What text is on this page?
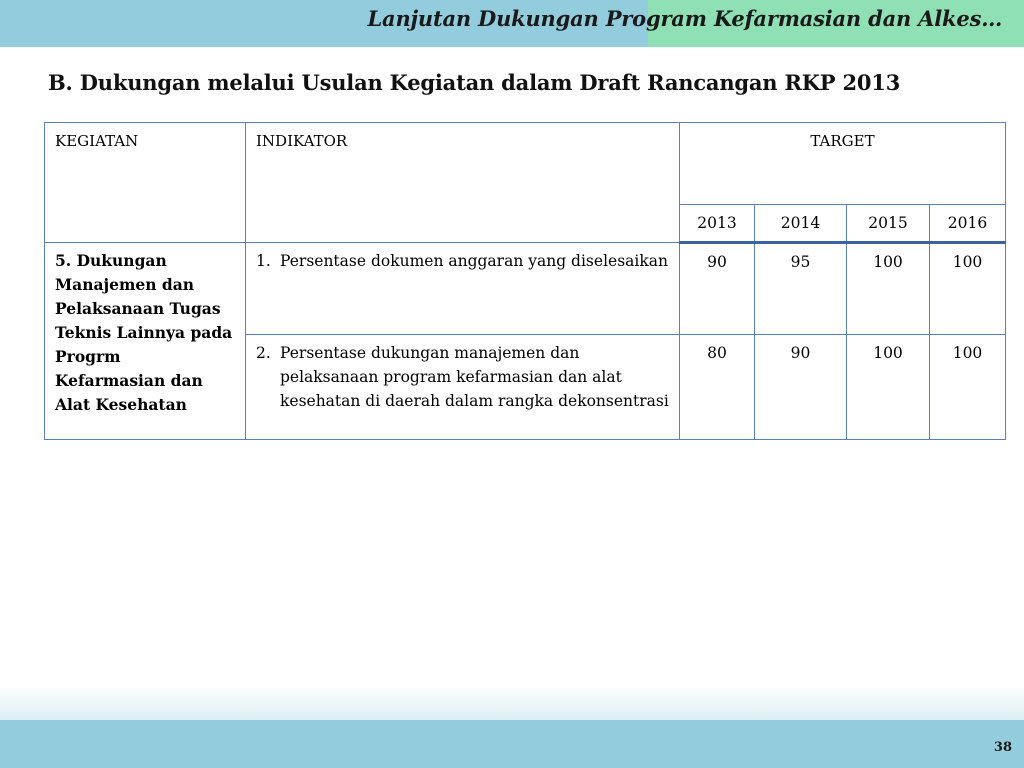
Lanjutan Dukungan Program Kefarmasian dan Alkes…
B. Dukungan melalui Usulan Kegiatan dalam Draft Rancangan RKP 2013
KEGIATAN	INDIKATOR	TARGET			
		2013	2014	2015	2016
5. Dukungan Manajemen dan Pelaksanaan Tugas Teknis Lainnya pada Progrm Kefarmasian dan Alat Kesehatan	1. Persentase dokumen anggaran yang diselesaikan	90	95	100	100

	2. Persentase dukungan manajemen dan pelaksanaan program kefarmasian dan alat kesehatan di daerah dalam rangka dekonsentrasi	80	90	100	100
38
